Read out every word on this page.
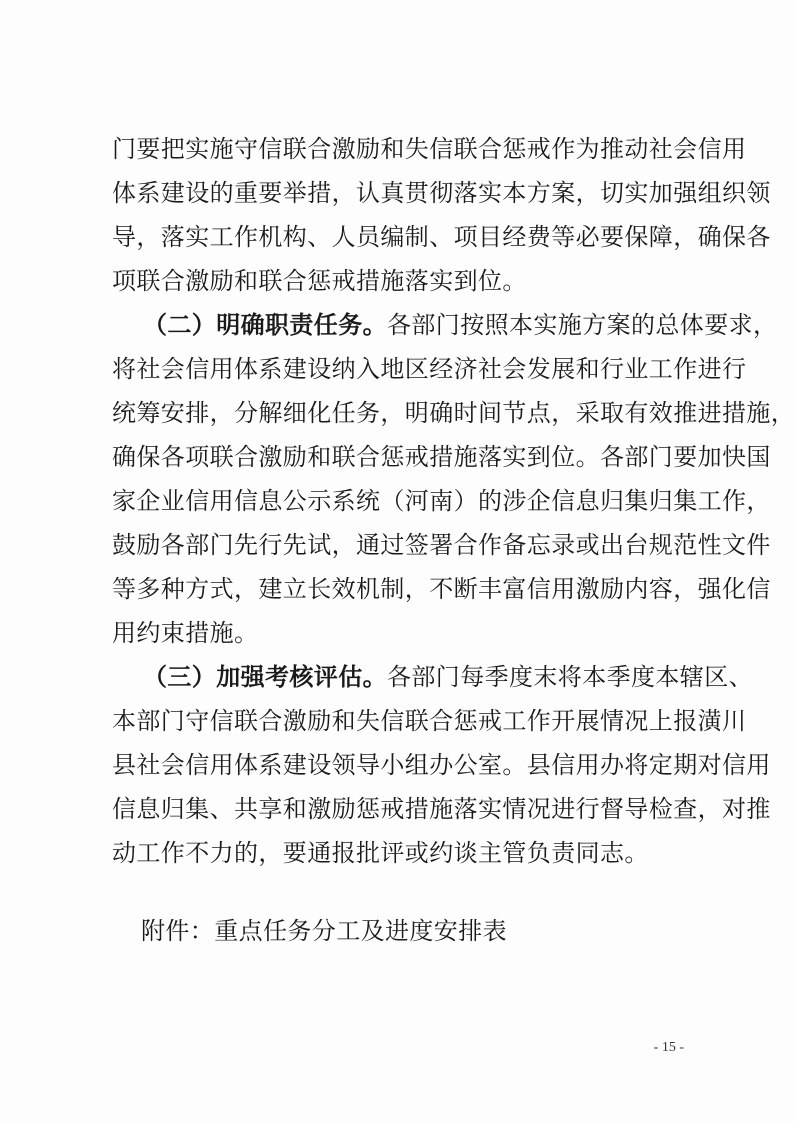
门要把实施守信联合激励和失信联合惩戒作为推动社会信用
体系建设的重要举措，认真贯彻落实本方案，切实加强组织领
导，落实工作机构、人员编制、项目经费等必要保障，确保各
项联合激励和联合惩戒措施落实到位。
（二）明确职责任务。各部门按照本实施方案的总体要求，
将社会信用体系建设纳入地区经济社会发展和行业工作进行
统筹安排，分解细化任务，明确时间节点，采取有效推进措施，
确保各项联合激励和联合惩戒措施落实到位。各部门要加快国
家企业信用信息公示系统（河南）的涉企信息归集归集工作，
鼓励各部门先行先试，通过签署合作备忘录或出台规范性文件
等多种方式，建立长效机制，不断丰富信用激励内容，强化信
用约束措施。
（三）加强考核评估。各部门每季度末将本季度本辖区、
本部门守信联合激励和失信联合惩戒工作开展情况上报潢川
县社会信用体系建设领导小组办公室。县信用办将定期对信用
信息归集、共享和激励惩戒措施落实情况进行督导检查，对推
动工作不力的，要通报批评或约谈主管负责同志。
附件：重点任务分工及进度安排表
- 15 -
